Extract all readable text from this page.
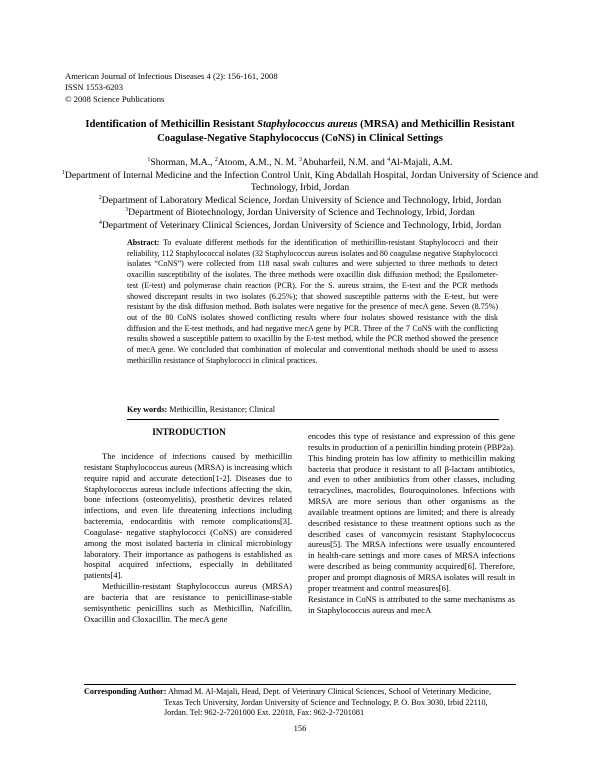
American Journal of Infectious Diseases 4 (2): 156-161, 2008
ISSN 1553-6203
© 2008 Science Publications
Identification of Methicillin Resistant Staphylococcus aureus (MRSA) and Methicillin Resistant Coagulase-Negative Staphylococcus (CoNS) in Clinical Settings
$^1$Shorman, M.A., $^2$Atoom, A.M., N. M. $^3$Abuharfeil, N.M. and $^4$Al-Majali, A.M.
$^1$Department of Internal Medicine and the Infection Control Unit, King Abdallah Hospital, Jordan University of Science and Technology, Irbid, Jordan
$^2$Department of Laboratory Medical Science, Jordan University of Science and Technology, Irbid, Jordan
$^3$Department of Biotechnology, Jordan University of Science and Technology, Irbid, Jordan
$^4$Department of Veterinary Clinical Sciences, Jordan University of Science and Technology, Irbid, Jordan
Abstract: To evaluate different methods for the identification of methicillin-resistant Staphylococci and their reliability, 112 Staphylococcal isolates (32 Staphylococcus aureus isolates and 80 coagulase negative Staphylococci isolates “CoNS”) were collected from 118 nasal swab cultures and were subjected to three methods to detect oxacillin susceptibility of the isolates. The three methods were oxacillin disk diffusion method; the Epsilometer- test (E-test) and polymerase chain reaction (PCR). For the S. aureus strains, the E-test and the PCR methods showed discrepant results in two isolates (6.25%); that showed susceptible patterns with the E-test, but were resistant by the disk diffusion method. Both isolates were negative for the presence of mecA gene. Seven (8.75%) out of the 80 CoNS isolates showed conflicting results where four isolates showed resistance with the disk diffusion and the E-test methods, and had negative mecA gene by PCR. Three of the 7 CoNS with the conflicting results showed a susceptible pattern to oxacillin by the E-test method, while the PCR method showed the presence of mecA gene. We concluded that combination of molecular and conventional methods should be used to assess methicillin resistance of Staphylococci in clinical practices.
Key words: Methicillin, Resistance; Clinical
INTRODUCTION

The incidence of infections caused by methicillin resistant Staphylococcus aureus (MRSA) is increasing which require rapid and accurate detection[1-2]. Diseases due to Staphylococcus aureus include infections affecting the skin, bone infections (osteomyelitis), prosthetic devices related infections, and even life threatening infections including bacteremia, endocarditis with remote complications[3]. Coagulase- negative staphylococci (CoNS) are considered among the most isolated bacteria in clinical microbiology laboratory. Their importance as pathogens is established as hospital acquired infections, especially in debilitated patients[4].

Methicillin-resistant Staphylococcus aureus (MRSA) are bacteria that are resistance to penicillinase-stable semisynthetic penicillins such as Methicillin, Nafcillin, Oxacillin and Cloxacillin. The mecA gene

encodes this type of resistance and expression of this gene results in production of a penicillin binding protein (PBP2a). This binding protein has low affinity to methicillin making bacteria that produce it resistant to all β-lactam antibiotics, and even to other antibiotics from other classes, including tetracyclines, macrolides, flouroquinolones. Infections with MRSA are more serious than other organisms as the available treatment options are limited; and there is already described resistance to these treatment options such as the described cases of vancomycin resistant Staphylococcus aureus[5]. The MRSA infections were usually encountered in health-care settings and more cases of MRSA infections were described as being community acquired[6]. Therefore, proper and prompt diagnosis of MRSA isolates will result in proper treatment and control measures[6].

Resistance in CoNS is attributed to the same mechanisms as in Staphylococcus aureus and mecA

Corresponding Author: Ahmad M. Al-Majali, Head, Dept. of Veterinary Clinical Sciences, School of Veterinary Medicine,
Texas Tech University, Jordan University of Science and Technology, P. O. Box 3030, Irbid 22110,
Jordan. Tel: 962-2-7201000 Ext. 22018, Fax: 962-2-7201081
156
